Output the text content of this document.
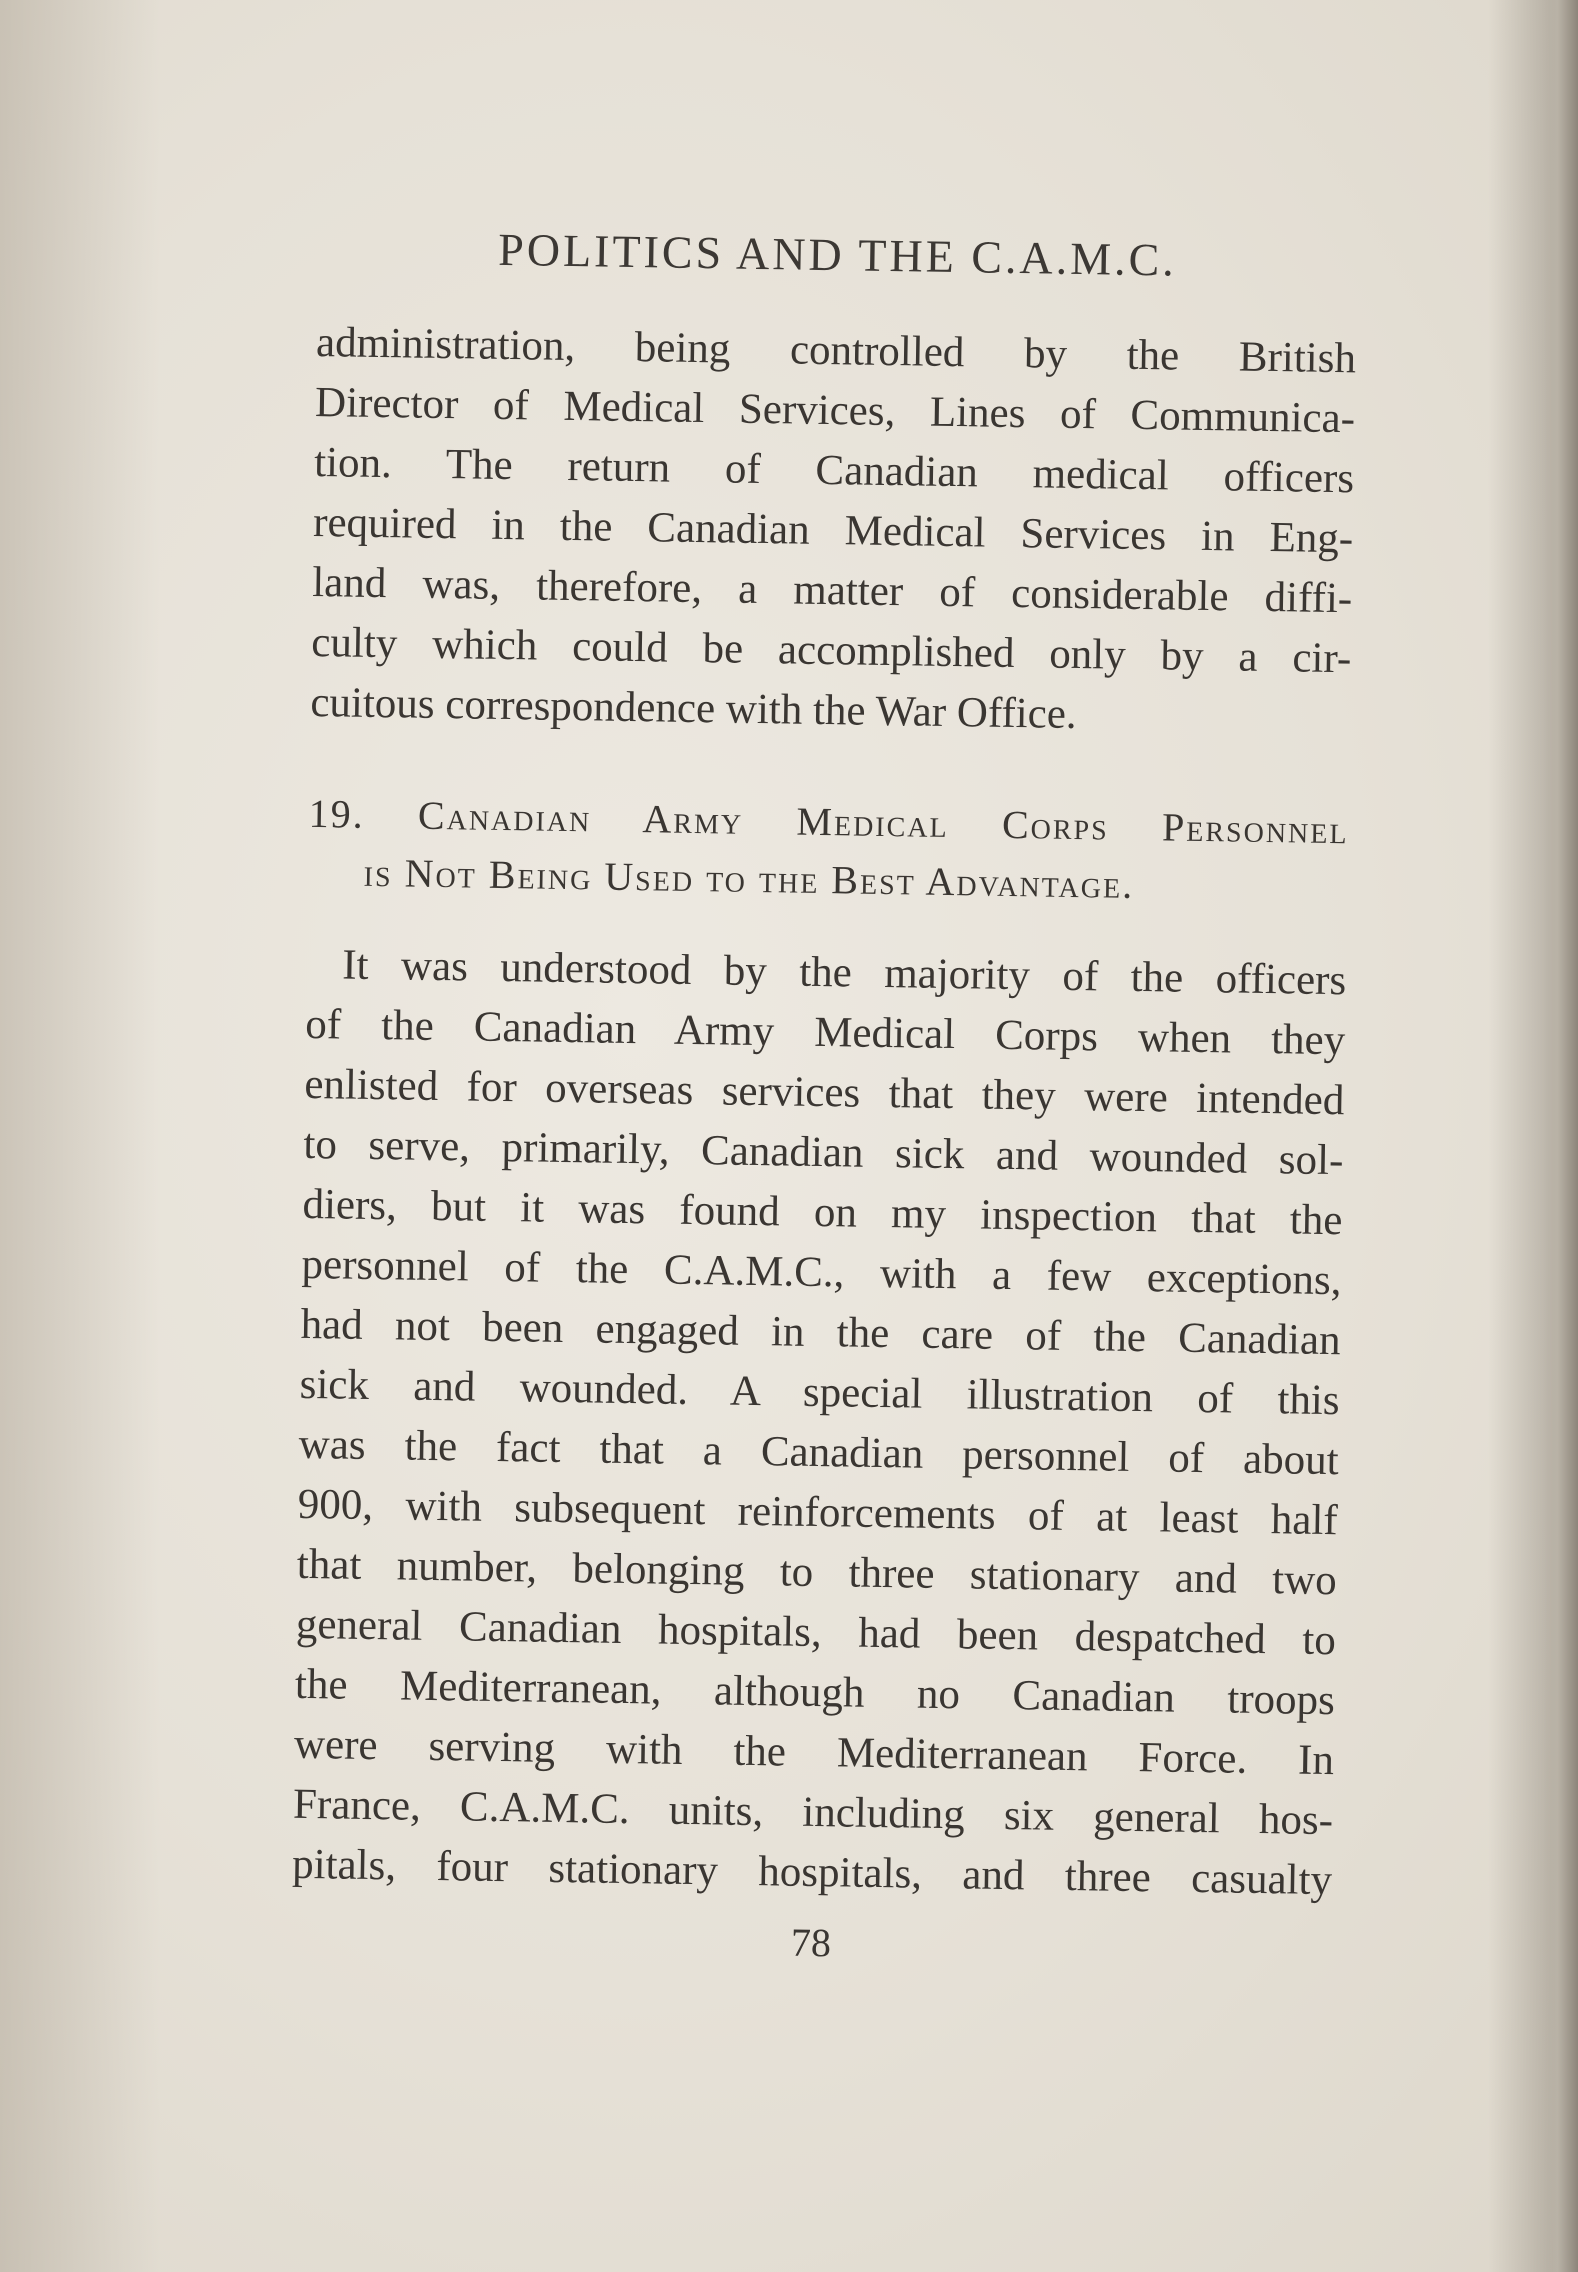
POLITICS AND THE C.A.M.C.
administration, being controlled by the British
Director of Medical Services, Lines of Communica-
tion. The return of Canadian medical officers
required in the Canadian Medical Services in Eng-
land was, therefore, a matter of considerable diffi-
culty which could be accomplished only by a cir-
cuitous correspondence with the War Office.
19. Canadian Army Medical Corps Personnel
is Not Being Used to the Best Advantage.
It was understood by the majority of the officers
of the Canadian Army Medical Corps when they
enlisted for overseas services that they were intended
to serve, primarily, Canadian sick and wounded sol-
diers, but it was found on my inspection that the
personnel of the C.A.M.C., with a few exceptions,
had not been engaged in the care of the Canadian
sick and wounded. A special illustration of this
was the fact that a Canadian personnel of about
900, with subsequent reinforcements of at least half
that number, belonging to three stationary and two
general Canadian hospitals, had been despatched to
the Mediterranean, although no Canadian troops
were serving with the Mediterranean Force. In
France, C.A.M.C. units, including six general hos-
pitals, four stationary hospitals, and three casualty
78
